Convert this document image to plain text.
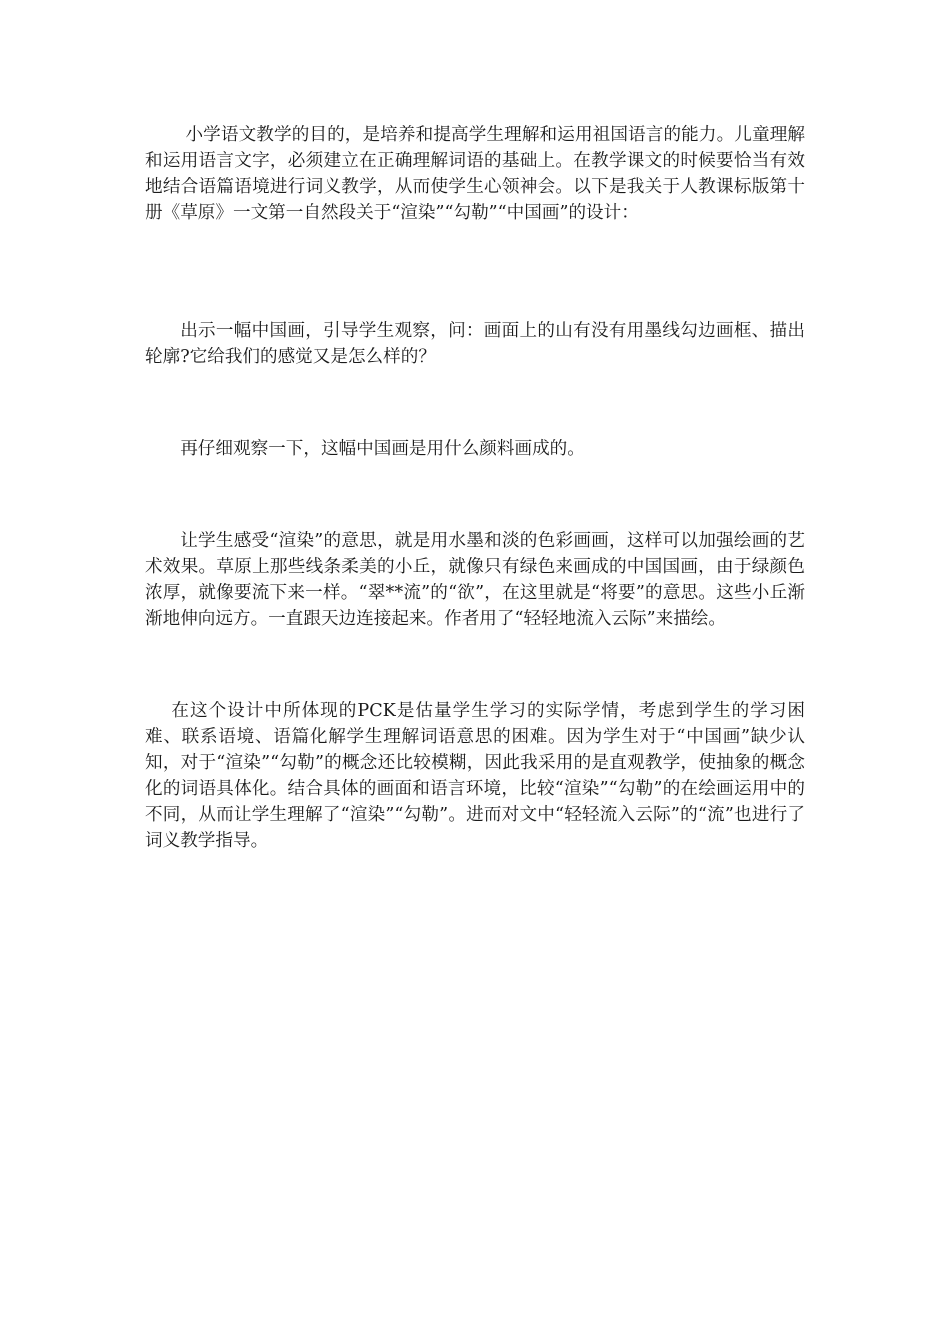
小学语文教学的目的，是培养和提高学生理解和运用祖国语言的能力。儿童理解和运用语言文字，必须建立在正确理解词语的基础上。在教学课文的时候要恰当有效地结合语篇语境进行词义教学，从而使学生心领神会。以下是我关于人教课标版第十册《草原》一文第一自然段关于“渲染”“勾勒”“中国画”的设计：

出示一幅中国画，引导学生观察，问：画面上的山有没有用墨线勾边画框、描出轮廓?它给我们的感觉又是怎么样的？

再仔细观察一下，这幅中国画是用什么颜料画成的。

让学生感受“渲染”的意思，就是用水墨和淡的色彩画画，这样可以加强绘画的艺术效果。草原上那些线条柔美的小丘，就像只有绿色来画成的中国国画，由于绿颜色浓厚，就像要流下来一样。“翠**流”的“欲”，在这里就是“将要”的意思。这些小丘渐渐地伸向远方。一直跟天边连接起来。作者用了“轻轻地流入云际”来描绘。

在这个设计中所体现的PCK是估量学生学习的实际学情，考虑到学生的学习困难、联系语境、语篇化解学生理解词语意思的困难。因为学生对于“中国画”缺少认知，对于“渲染”“勾勒”的概念还比较模糊，因此我采用的是直观教学，使抽象的概念化的词语具体化。结合具体的画面和语言环境，比较“渲染”“勾勒”的在绘画运用中的不同，从而让学生理解了“渲染”“勾勒”。进而对文中“轻轻流入云际”的“流”也进行了词义教学指导。
